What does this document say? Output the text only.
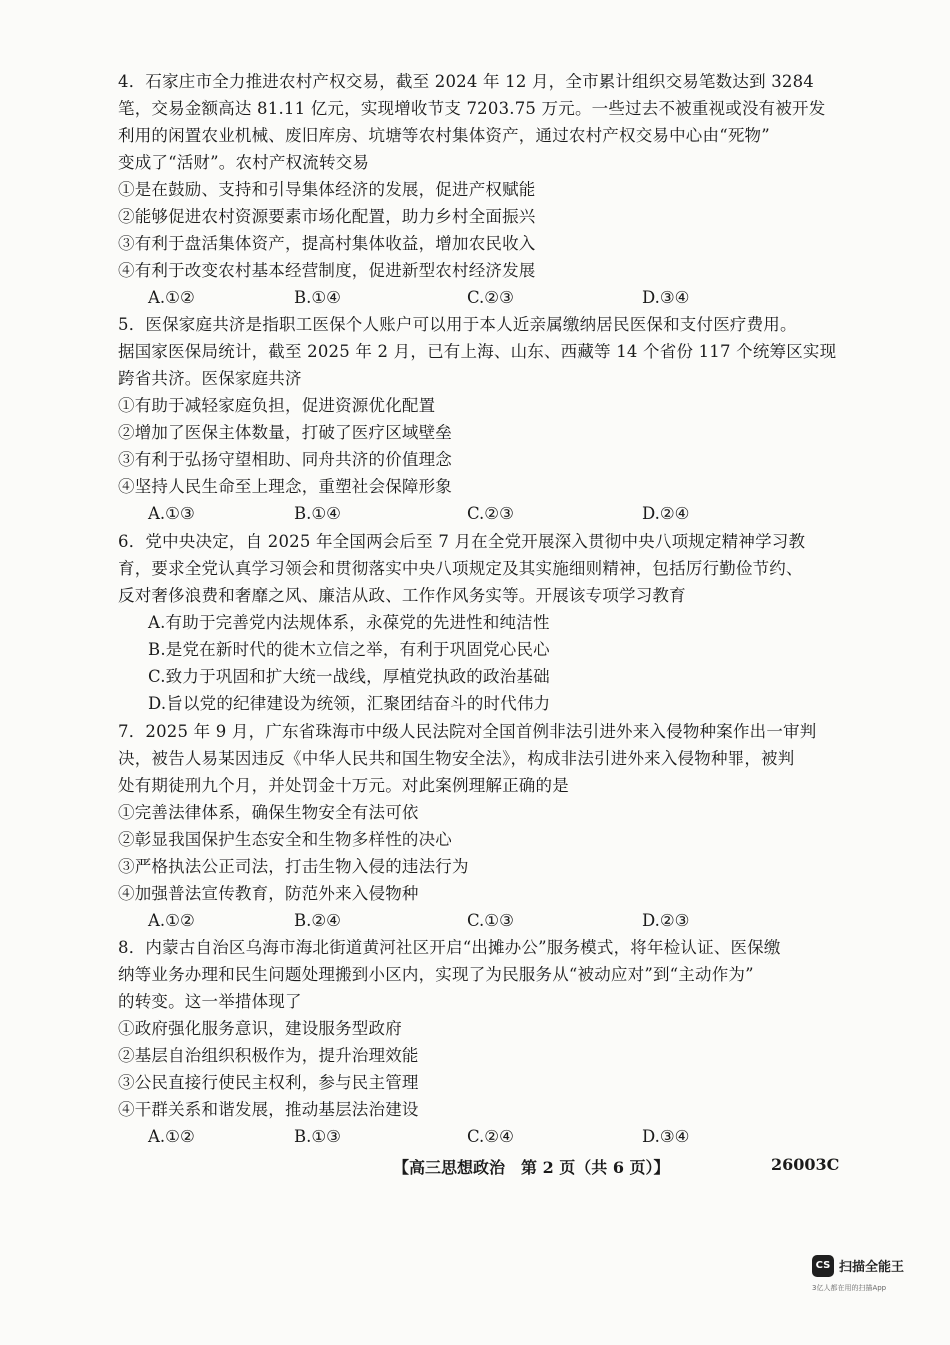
4．石家庄市全力推进农村产权交易，截至 2024 年 12 月，全市累计组织交易笔数达到 3284

笔，交易金额高达 81.11 亿元，实现增收节支 7203.75 万元。一些过去不被重视或没有被开发

利用的闲置农业机械、废旧库房、坑塘等农村集体资产，通过农村产权交易中心由“死物”

变成了“活财”。农村产权流转交易

①是在鼓励、支持和引导集体经济的发展，促进产权赋能

②能够促进农村资源要素市场化配置，助力乡村全面振兴

③有利于盘活集体资产，提高村集体收益，增加农民收入

④有利于改变农村基本经营制度，促进新型农村经济发展

A.①②	B.①④	C.②③	D.③④

5．医保家庭共济是指职工医保个人账户可以用于本人近亲属缴纳居民医保和支付医疗费用。

据国家医保局统计，截至 2025 年 2 月，已有上海、山东、西藏等 14 个省份 117 个统筹区实现

跨省共济。医保家庭共济

①有助于减轻家庭负担，促进资源优化配置

②增加了医保主体数量，打破了医疗区域壁垒

③有利于弘扬守望相助、同舟共济的价值理念

④坚持人民生命至上理念，重塑社会保障形象

A.①③	B.①④	C.②③	D.②④

6．党中央决定，自 2025 年全国两会后至 7 月在全党开展深入贯彻中央八项规定精神学习教

育，要求全党认真学习领会和贯彻落实中央八项规定及其实施细则精神，包括厉行勤俭节约、

反对奢侈浪费和奢靡之风、廉洁从政、工作作风务实等。开展该专项学习教育

A.有助于完善党内法规体系，永葆党的先进性和纯洁性

B.是党在新时代的徙木立信之举，有利于巩固党心民心

C.致力于巩固和扩大统一战线，厚植党执政的政治基础

D.旨以党的纪律建设为统领，汇聚团结奋斗的时代伟力

7．2025 年 9 月，广东省珠海市中级人民法院对全国首例非法引进外来入侵物种案作出一审判

决，被告人易某因违反《中华人民共和国生物安全法》，构成非法引进外来入侵物种罪，被判

处有期徒刑九个月，并处罚金十万元。对此案例理解正确的是

①完善法律体系，确保生物安全有法可依

②彰显我国保护生态安全和生物多样性的决心

③严格执法公正司法，打击生物入侵的违法行为

④加强普法宣传教育，防范外来入侵物种

A.①②	B.②④	C.①③	D.②③

8．内蒙古自治区乌海市海北街道黄河社区开启“出摊办公”服务模式，将年检认证、医保缴

纳等业务办理和民生问题处理搬到小区内，实现了为民服务从“被动应对”到“主动作为”

的转变。这一举措体现了

①政府强化服务意识，建设服务型政府

②基层自治组织积极作为，提升治理效能

③公民直接行使民主权利，参与民主管理

④干群关系和谐发展，推动基层法治建设

A.①②	B.①③	C.②④	D.③④
【高三思想政治　第 2 页（共 6 页）】	26003C
CS 扫描全能王
3亿人都在用的扫描App
